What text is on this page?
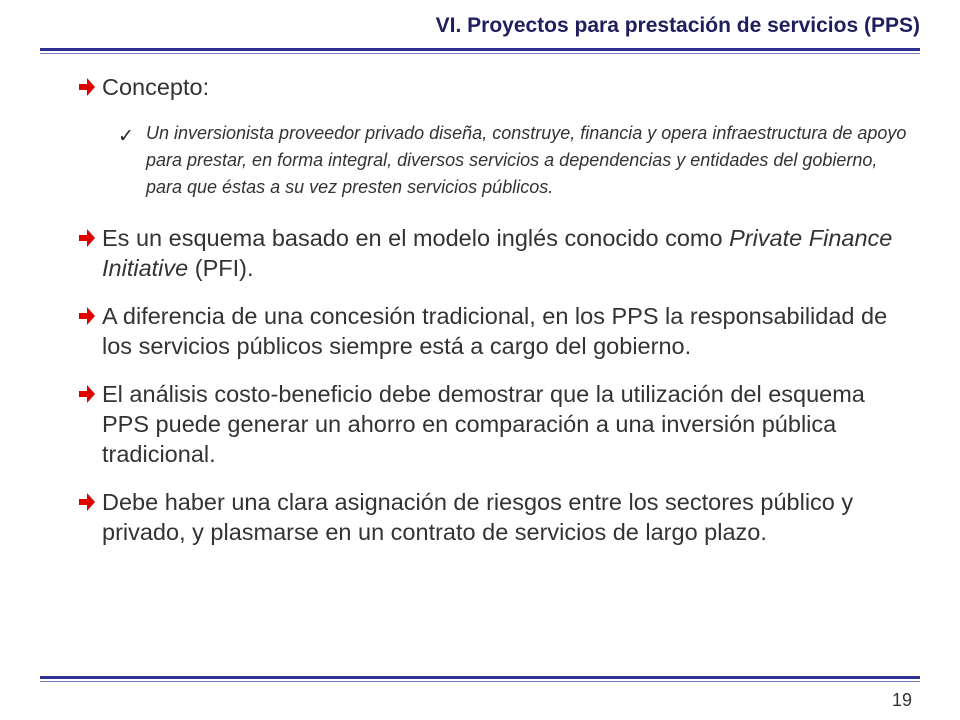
VI. Proyectos para prestación de servicios (PPS)
Concepto:
✓ Un inversionista proveedor privado diseña, construye, financia y opera infraestructura de apoyo para prestar, en forma integral, diversos servicios a dependencias y entidades del gobierno, para que éstas a su vez presten servicios públicos.
Es un esquema basado en el modelo inglés conocido como Private Finance Initiative (PFI).
A diferencia de una concesión tradicional, en los PPS la responsabilidad de los servicios públicos siempre está a cargo del gobierno.
El análisis costo-beneficio debe demostrar que la utilización del esquema PPS puede generar un ahorro en comparación a una inversión pública tradicional.
Debe haber una clara asignación de riesgos entre los sectores público y privado, y plasmarse en un contrato de servicios de largo plazo.
19
